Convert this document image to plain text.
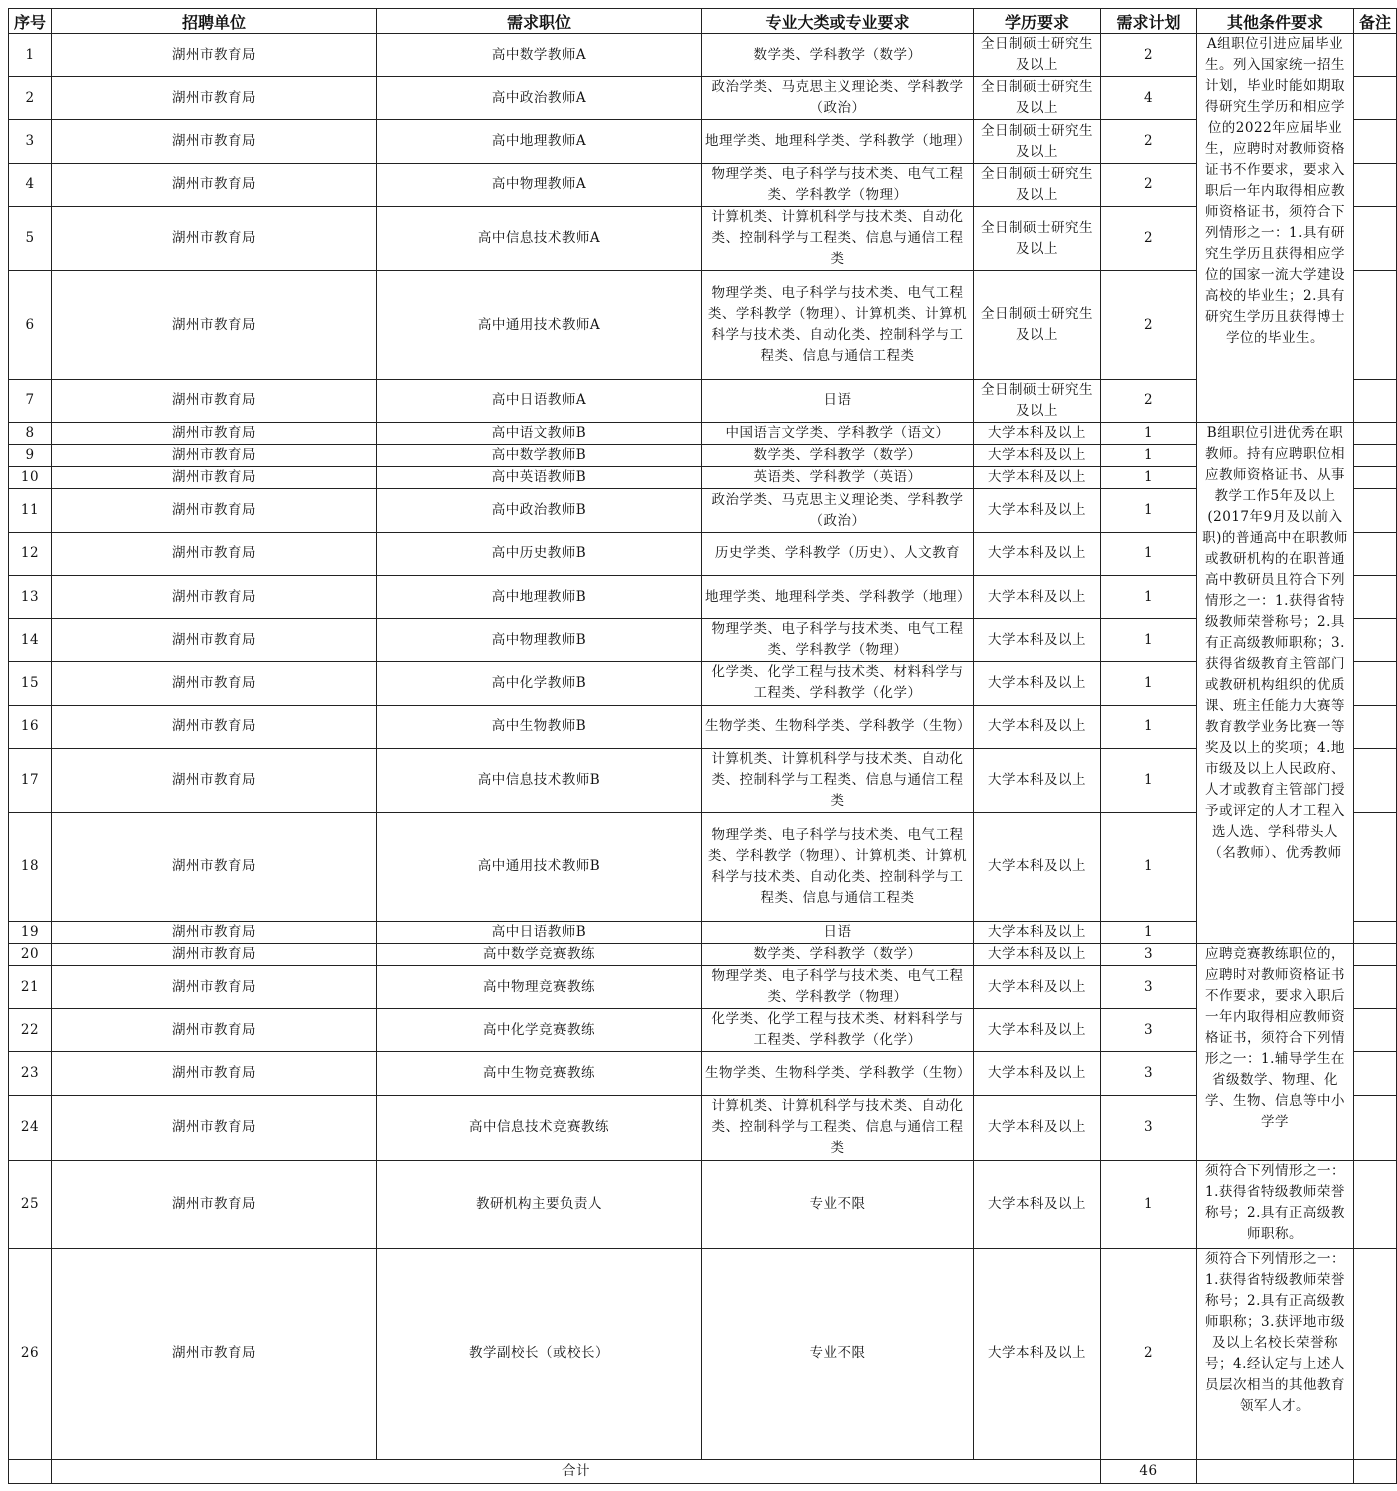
序号	招聘单位	需求职位	专业大类或专业要求	学历要求	需求计划	其他条件要求	备注
1	湖州市教育局	高中数学教师A	数学类、学科教学（数学）	全日制硕士研究生及以上	2	A组职位引进应届毕业生。列入国家统一招生计划，毕业时能如期取得研究生学历和相应学位的2022年应届毕业生，应聘时对教师资格证书不作要求，要求入职后一年内取得相应教师资格证书，须符合下列情形之一：1.具有研究生学历且获得相应学位的国家一流大学建设高校的毕业生；2.具有研究生学历且获得博士学位的毕业生。	

2	湖州市教育局	高中政治教师A	政治学类、马克思主义理论类、学科教学（政治）	全日制硕士研究生及以上	4		
3	湖州市教育局	高中地理教师A	地理学类、地理科学类、学科教学（地理）	全日制硕士研究生及以上	2		
4	湖州市教育局	高中物理教师A	物理学类、电子科学与技术类、电气工程类、学科教学（物理）	全日制硕士研究生及以上	2		
5	湖州市教育局	高中信息技术教师A	计算机类、计算机科学与技术类、自动化类、控制科学与工程类、信息与通信工程类	全日制硕士研究生及以上	2		
6	湖州市教育局	高中通用技术教师A	物理学类、电子科学与技术类、电气工程类、学科教学（物理）、计算机类、计算机科学与技术类、自动化类、控制科学与工程类、信息与通信工程类	全日制硕士研究生及以上	2		
7	湖州市教育局	高中日语教师A	日语	全日制硕士研究生及以上	2		
8	湖州市教育局	高中语文教师B	中国语言文学类、学科教学（语文）	大学本科及以上	1	B组职位引进优秀在职教师。持有应聘职位相应教师资格证书、从事教学工作5年及以上(2017年9月及以前入职)的普通高中在职教师或教研机构的在职普通高中教研员且符合下列情形之一：1.获得省特级教师荣誉称号；2.具有正高级教师职称；3.获得省级教育主管部门或教研机构组织的优质课、班主任能力大赛等教育教学业务比赛一等奖及以上的奖项；4.地市级及以上人民政府、人才或教育主管部门授予或评定的人才工程入选人选、学科带头人（名教师）、优秀教师	

9	湖州市教育局	高中数学教师B	数学类、学科教学（数学）	大学本科及以上	1		
10	湖州市教育局	高中英语教师B	英语类、学科教学（英语）	大学本科及以上	1		
11	湖州市教育局	高中政治教师B	政治学类、马克思主义理论类、学科教学（政治）	大学本科及以上	1		
12	湖州市教育局	高中历史教师B	历史学类、学科教学（历史）、人文教育	大学本科及以上	1		
13	湖州市教育局	高中地理教师B	地理学类、地理科学类、学科教学（地理）	大学本科及以上	1		
14	湖州市教育局	高中物理教师B	物理学类、电子科学与技术类、电气工程类、学科教学（物理）	大学本科及以上	1		
15	湖州市教育局	高中化学教师B	化学类、化学工程与技术类、材料科学与工程类、学科教学（化学）	大学本科及以上	1		
16	湖州市教育局	高中生物教师B	生物学类、生物科学类、学科教学（生物）	大学本科及以上	1		
17	湖州市教育局	高中信息技术教师B	计算机类、计算机科学与技术类、自动化类、控制科学与工程类、信息与通信工程类	大学本科及以上	1		
18	湖州市教育局	高中通用技术教师B	物理学类、电子科学与技术类、电气工程类、学科教学（物理）、计算机类、计算机科学与技术类、自动化类、控制科学与工程类、信息与通信工程类	大学本科及以上	1		
19	湖州市教育局	高中日语教师B	日语	大学本科及以上	1		
20	湖州市教育局	高中数学竞赛教练	数学类、学科教学（数学）	大学本科及以上	3	应聘竞赛教练职位的，应聘时对教师资格证书不作要求，要求入职后一年内取得相应教师资格证书，须符合下列情形之一：1.辅导学生在省级数学、物理、化学、生物、信息等中小学学	

21	湖州市教育局	高中物理竞赛教练	物理学类、电子科学与技术类、电气工程类、学科教学（物理）	大学本科及以上	3		
22	湖州市教育局	高中化学竞赛教练	化学类、化学工程与技术类、材料科学与工程类、学科教学（化学）	大学本科及以上	3		
23	湖州市教育局	高中生物竞赛教练	生物学类、生物科学类、学科教学（生物）	大学本科及以上	3		
24	湖州市教育局	高中信息技术竞赛教练	计算机类、计算机科学与技术类、自动化类、控制科学与工程类、信息与通信工程类	大学本科及以上	3		
25	湖州市教育局	教研机构主要负责人	专业不限	大学本科及以上	1	须符合下列情形之一：1.获得省特级教师荣誉称号；2.具有正高级教师职称。	

26	湖州市教育局	教学副校长（或校长）	专业不限	大学本科及以上	2	须符合下列情形之一：1.获得省特级教师荣誉称号；2.具有正高级教师职称；3.获评地市级及以上名校长荣誉称号；4.经认定与上述人员层次相当的其他教育领军人才。	

	合计				46		
